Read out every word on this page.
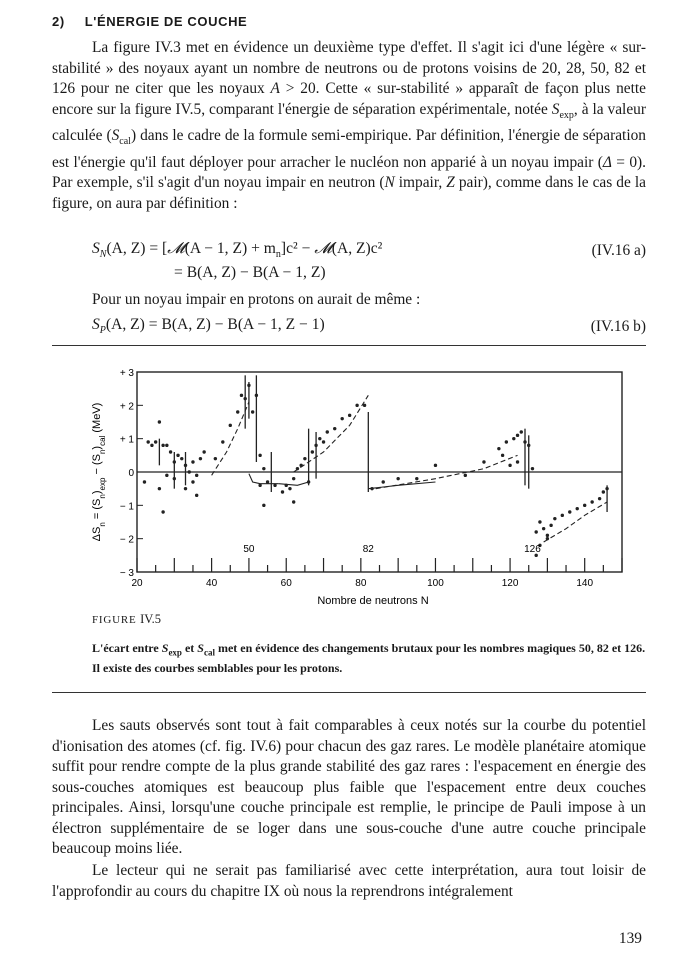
2) L'ÉNERGIE DE COUCHE

La figure IV.3 met en évidence un deuxième type d'effet. Il s'agit ici d'une légère « sur-stabilité » des noyaux ayant un nombre de neutrons ou de protons voisins de 20, 28, 50, 82 et 126 pour ne citer que les noyaux A > 20. Cette « sur-stabilité » apparaît de façon plus nette encore sur la figure IV.5, comparant l'énergie de séparation expérimentale, notée $S_{exp}$, à la valeur calculée $(S_{cal})$ dans le cadre de la formule semi-empirique. Par définition, l'énergie de séparation est l'énergie qu'il faut déployer pour arracher le nucléon non apparié à un noyau impair (Δ = 0). Par exemple, s'il s'agit d'un noyau impair en neutron (N impair, Z pair), comme dans le cas de la figure, on aura par définition :

$S_N(A$, Z) = [𝓜(A − 1, $Z) + m_n]c^2$ − 𝓜(A, Z)c²	(IV.16 a)
= B(A, Z) − B(A − 1, Z)

Pour un noyau impair en protons on aurait de même :

$S_P(A$, Z) = B(A, Z) − B(A − 1, Z − 1)	(IV.16 b)
+ 3
+ 2
+ 1
0
− 1
− 2
− 3
20	40	60	80	100	120	140
50	82	126
$\Delta S_n = (S_n)_{exp} - (S_n)_{cal}$ (MeV)
Nombre de neutrons N
FIGURE IV.5

L'écart entre $S_{exp}$ et $S_{cal}$ met en évidence des changements brutaux pour les nombres magiques 50, 82 et 126. Il existe des courbes semblables pour les protons.

Les sauts observés sont tout à fait comparables à ceux notés sur la courbe du potentiel d'ionisation des atomes (cf. fig. IV.6) pour chacun des gaz rares. Le modèle planétaire atomique suffit pour rendre compte de la plus grande stabilité des gaz rares : l'espacement en énergie des sous-couches atomiques est beaucoup plus faible que l'espacement entre deux couches principales. Ainsi, lorsqu'une couche principale est remplie, le principe de Pauli impose à un électron supplémentaire de se loger dans une sous-couche d'une autre couche principale beaucoup moins liée.

Le lecteur qui ne serait pas familiarisé avec cette interprétation, aura tout loisir de l'approfondir au cours du chapitre IX où nous la reprendrons intégralement

139
